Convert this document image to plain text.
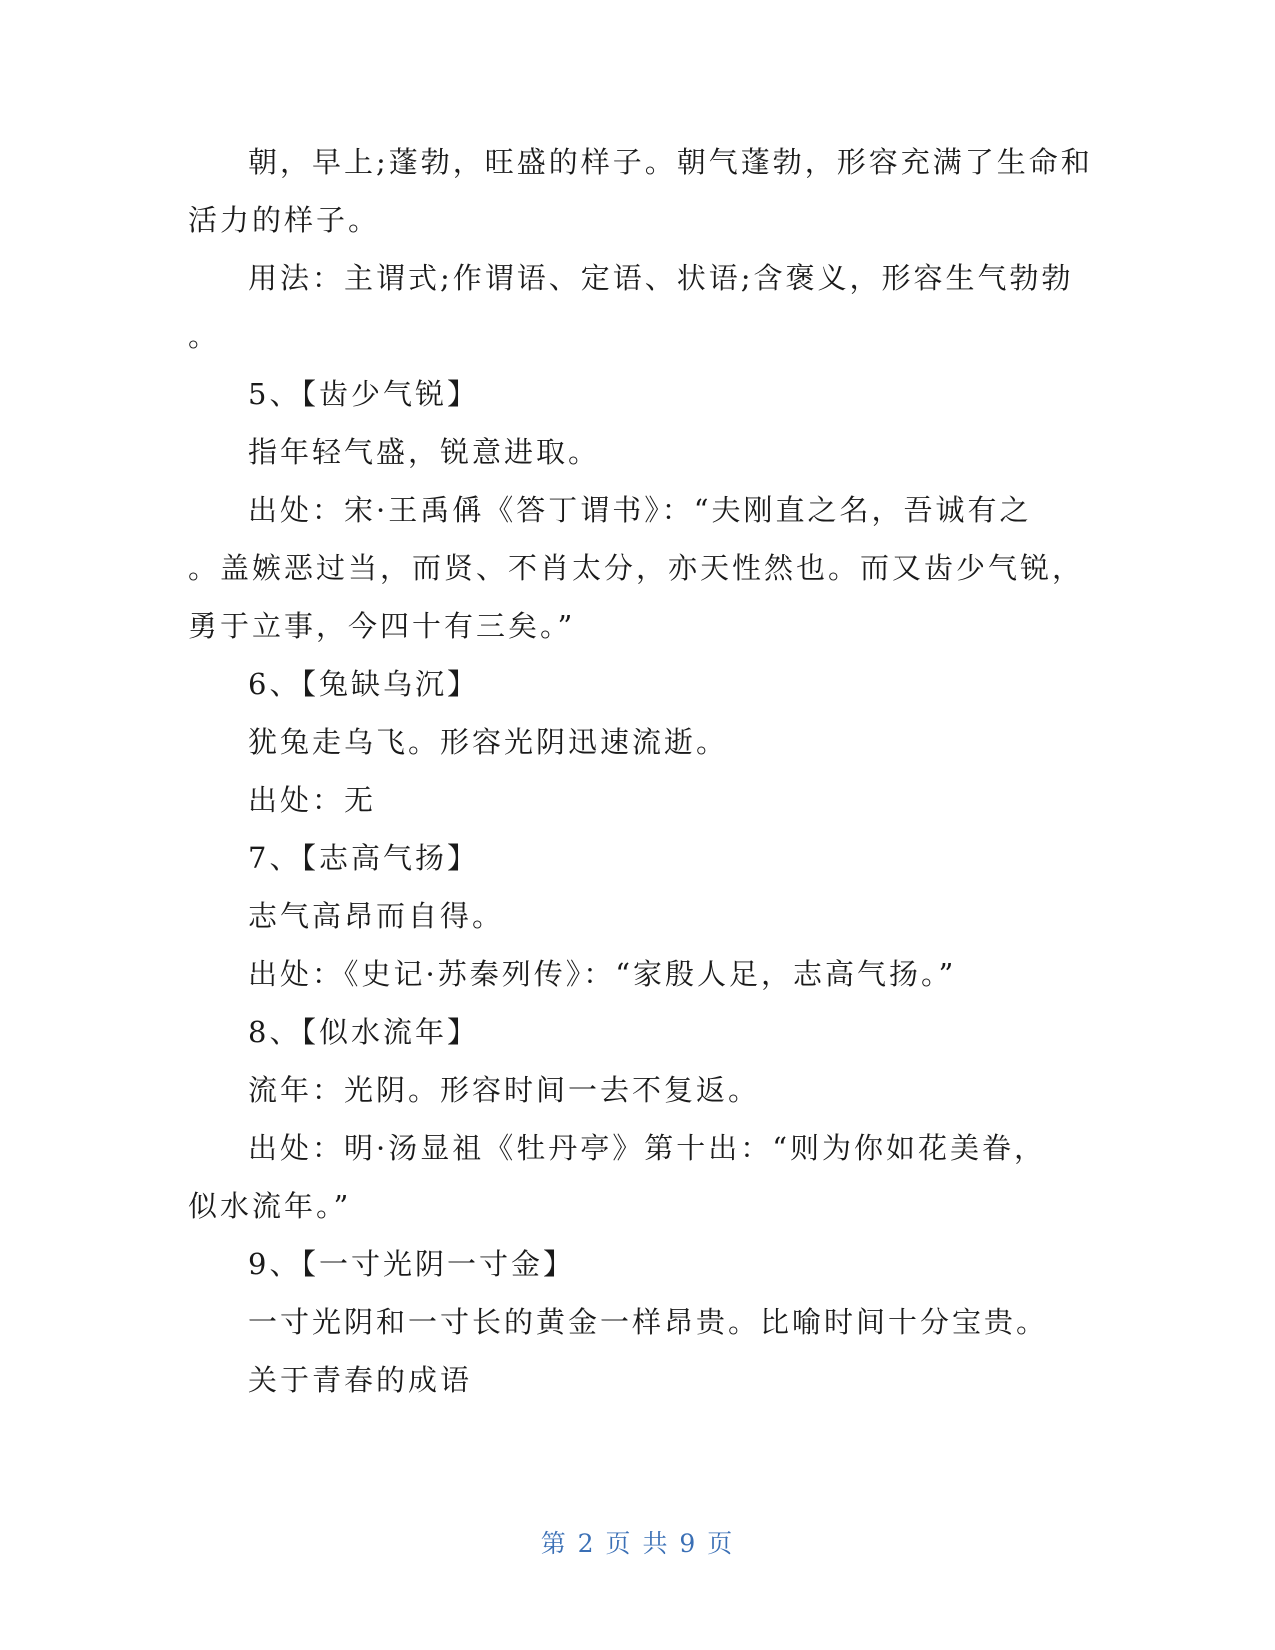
朝，早上;蓬勃，旺盛的样子。朝气蓬勃，形容充满了生命和
活力的样子。
用法：主谓式;作谓语、定语、状语;含褒义，形容生气勃勃
。
5、【齿少气锐】
指年轻气盛，锐意进取。
出处：宋·王禹偁《答丁谓书》：“夫刚直之名，吾诚有之
。盖嫉恶过当，而贤、不肖太分，亦天性然也。而又齿少气锐，
勇于立事，今四十有三矣。”
6、【兔缺乌沉】
犹兔走乌飞。形容光阴迅速流逝。
出处：无
7、【志高气扬】
志气高昂而自得。
出处：《史记·苏秦列传》：“家殷人足，志高气扬。”
8、【似水流年】
流年：光阴。形容时间一去不复返。
出处：明·汤显祖《牡丹亭》第十出：“则为你如花美眷，
似水流年。”
9、【一寸光阴一寸金】
一寸光阴和一寸长的黄金一样昂贵。比喻时间十分宝贵。
关于青春的成语
第 2 页 共 9 页
